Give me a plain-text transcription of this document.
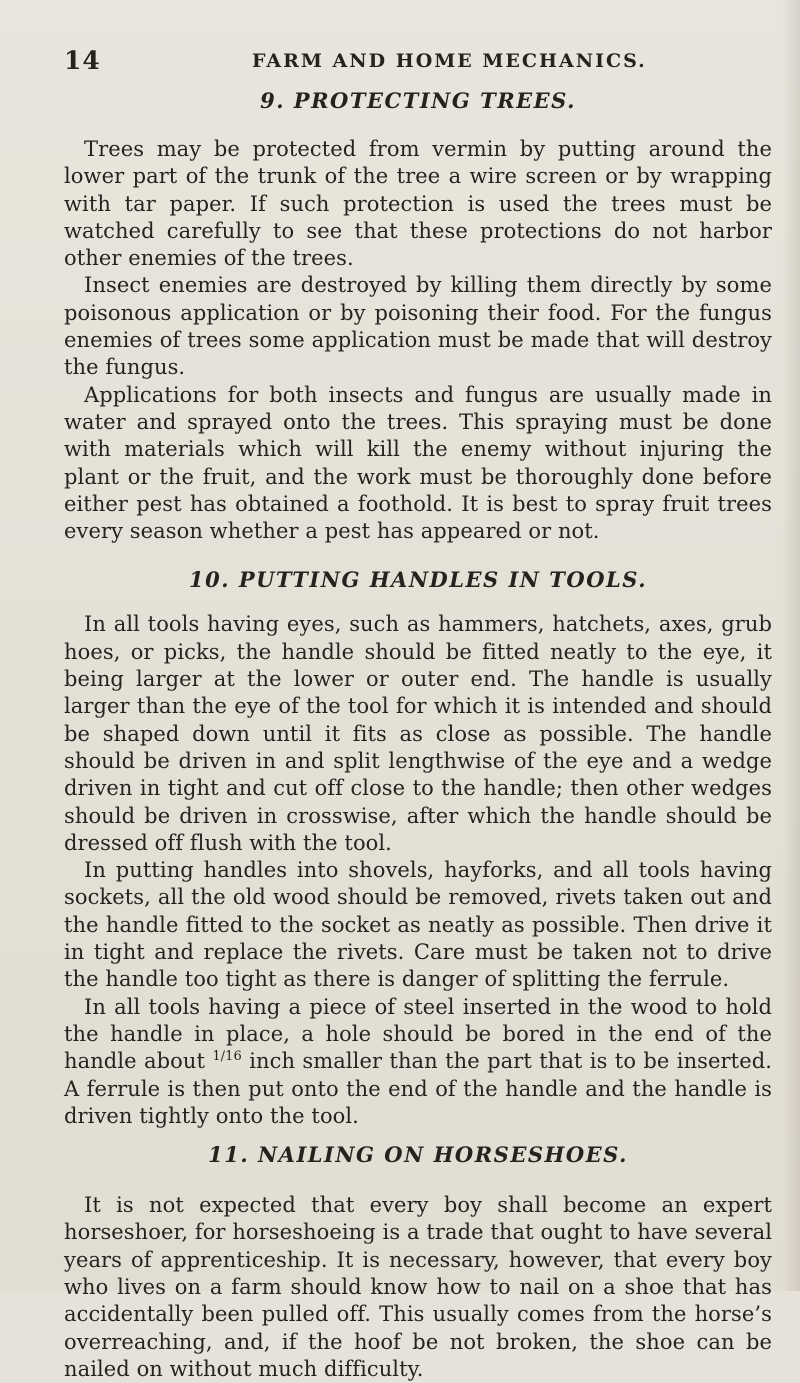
14	FARM AND HOME MECHANICS.
9. PROTECTING TREES.

Trees may be protected from vermin by putting around the lower part of the trunk of the tree a wire screen or by wrapping with tar paper. If such protection is used the trees must be watched carefully to see that these protections do not harbor other enemies of the trees.

Insect enemies are destroyed by killing them directly by some poisonous application or by poisoning their food. For the fungus enemies of trees some application must be made that will destroy the fungus.

Applications for both insects and fungus are usually made in water and sprayed onto the trees. This spraying must be done with materials which will kill the enemy without injuring the plant or the fruit, and the work must be thoroughly done before either pest has obtained a foothold. It is best to spray fruit trees every season whether a pest has appeared or not.

10. PUTTING HANDLES IN TOOLS.

In all tools having eyes, such as hammers, hatchets, axes, grub hoes, or picks, the handle should be fitted neatly to the eye, it being larger at the lower or outer end. The handle is usually larger than the eye of the tool for which it is intended and should be shaped down until it fits as close as possible. The handle should be driven in and split lengthwise of the eye and a wedge driven in tight and cut off close to the handle; then other wedges should be driven in crosswise, after which the handle should be dressed off flush with the tool.

In putting handles into shovels, hayforks, and all tools having sockets, all the old wood should be removed, rivets taken out and the handle fitted to the socket as neatly as possible. Then drive it in tight and replace the rivets. Care must be taken not to drive the handle too tight as there is danger of splitting the ferrule.

In all tools having a piece of steel inserted in the wood to hold the handle in place, a hole should be bored in the end of the handle about $^{1/16}$ inch smaller than the part that is to be inserted. A ferrule is then put onto the end of the handle and the handle is driven tightly onto the tool.

11. NAILING ON HORSESHOES.

It is not expected that every boy shall become an expert horseshoer, for horseshoeing is a trade that ought to have several years of apprenticeship. It is necessary, however, that every boy who lives on a farm should know how to nail on a shoe that has accidentally been pulled off. This usually comes from the horse’s overreaching, and, if the hoof be not broken, the shoe can be nailed on without much difficulty.
